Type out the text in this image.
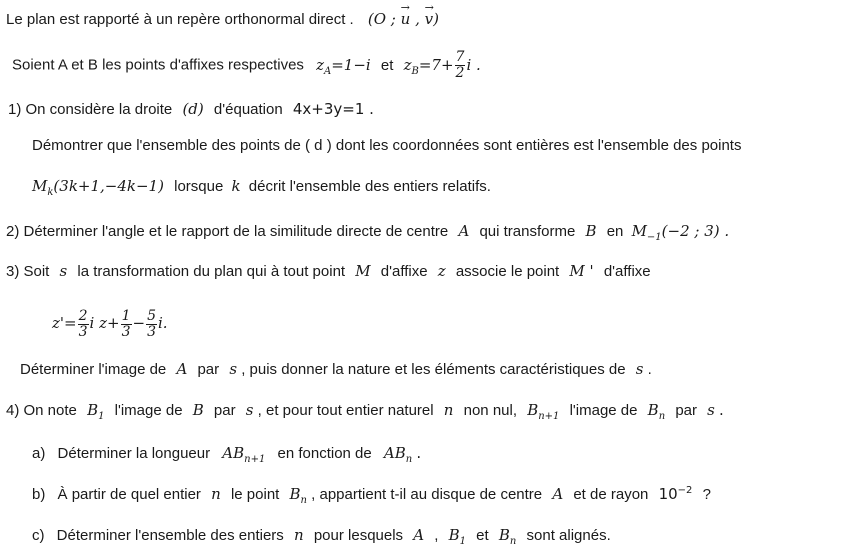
Le plan est rapporté à un repère orthonormal direct . (O ; → u , → v)
Soient A et B les points d'affixes respectives $z_A=1-i$ et $z_B=7+ \frac{7}{2}$ i .
1) On considère la droite (d) d'équation 4x+3y=1 .
Démontrer que l'ensemble des points de ( d ) dont les coordonnées sont entières est l'ensemble des points
$M_k(3k+1,-4k-1)$ lorsque k décrit l'ensemble des entiers relatifs.
2) Déterminer l'angle et le rapport de la similitude directe de centre A qui transforme B en $M_{-1}(-2$ ; 3) .
3) Soit s la transformation du plan qui à tout point M d'affixe z associe le point M ' d'affixe
$z'= \frac{2}{3}$ i $z+ \frac{1}{3} - \frac{5}{3} i$.
Déterminer l'image de A par s , puis donner la nature et les éléments caractéristiques de s .
4) On note $B_1$ l'image de B par s , et pour tout entier naturel n non nul, $B_{n+1}$ l'image de $B_n$ par s .
a) Déterminer la longueur $AB_{n+1}$ en fonction de $AB_n$ .
b) À partir de quel entier n le point $B_n$ , appartient t-il au disque de centre A et de rayon $10^{-2}$ ?
c) Déterminer l'ensemble des entiers n pour lesquels A , $B_1$ et $B_n$ sont alignés.
